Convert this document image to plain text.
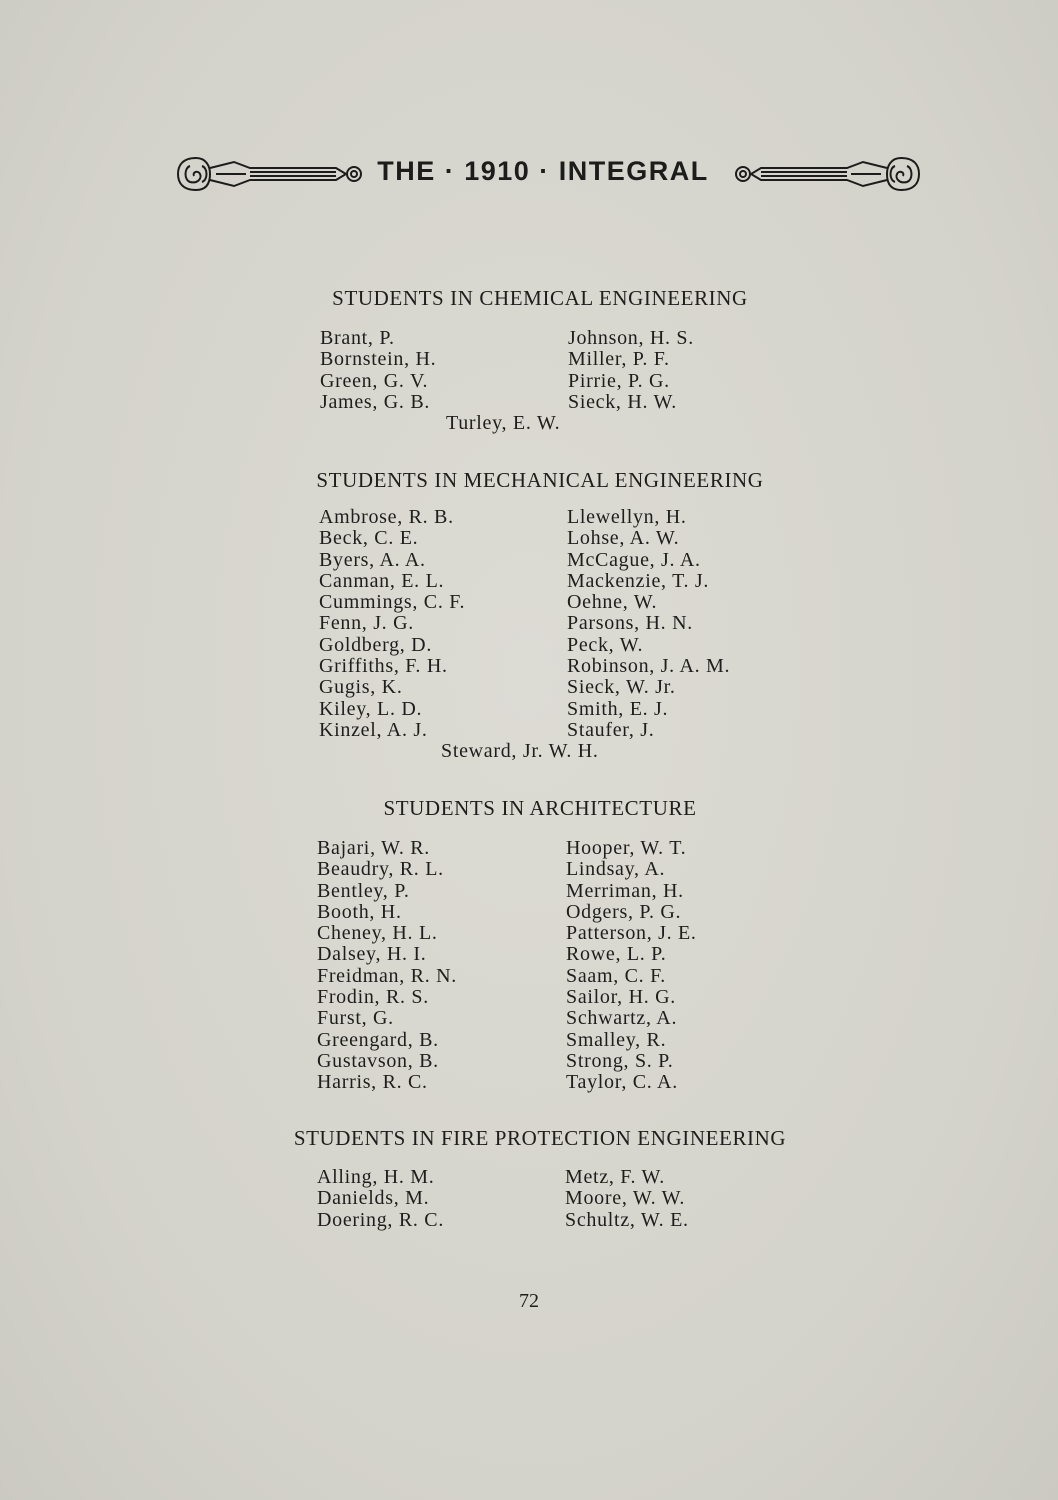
THE · 1910 · INTEGRAL
STUDENTS IN CHEMICAL ENGINEERING
Brant, P.
Bornstein, H.
Green, G. V.
James, G. B.
Johnson, H. S.
Miller, P. F.
Pirrie, P. G.
Sieck, H. W.
Turley, E. W.
STUDENTS IN MECHANICAL ENGINEERING
Ambrose, R. B.
Beck, C. E.
Byers, A. A.
Canman, E. L.
Cummings, C. F.
Fenn, J. G.
Goldberg, D.
Griffiths, F. H.
Gugis, K.
Kiley, L. D.
Kinzel, A. J.
Llewellyn, H.
Lohse, A. W.
McCague, J. A.
Mackenzie, T. J.
Oehne, W.
Parsons, H. N.
Peck, W.
Robinson, J. A. M.
Sieck, W. Jr.
Smith, E. J.
Staufer, J.
Steward, Jr. W. H.
STUDENTS IN ARCHITECTURE
Bajari, W. R.
Beaudry, R. L.
Bentley, P.
Booth, H.
Cheney, H. L.
Dalsey, H. I.
Freidman, R. N.
Frodin, R. S.
Furst, G.
Greengard, B.
Gustavson, B.
Harris, R. C.
Hooper, W. T.
Lindsay, A.
Merriman, H.
Odgers, P. G.
Patterson, J. E.
Rowe, L. P.
Saam, C. F.
Sailor, H. G.
Schwartz, A.
Smalley, R.
Strong, S. P.
Taylor, C. A.
STUDENTS IN FIRE PROTECTION ENGINEERING
Alling, H. M.
Danields, M.
Doering, R. C.
Metz, F. W.
Moore, W. W.
Schultz, W. E.
72
